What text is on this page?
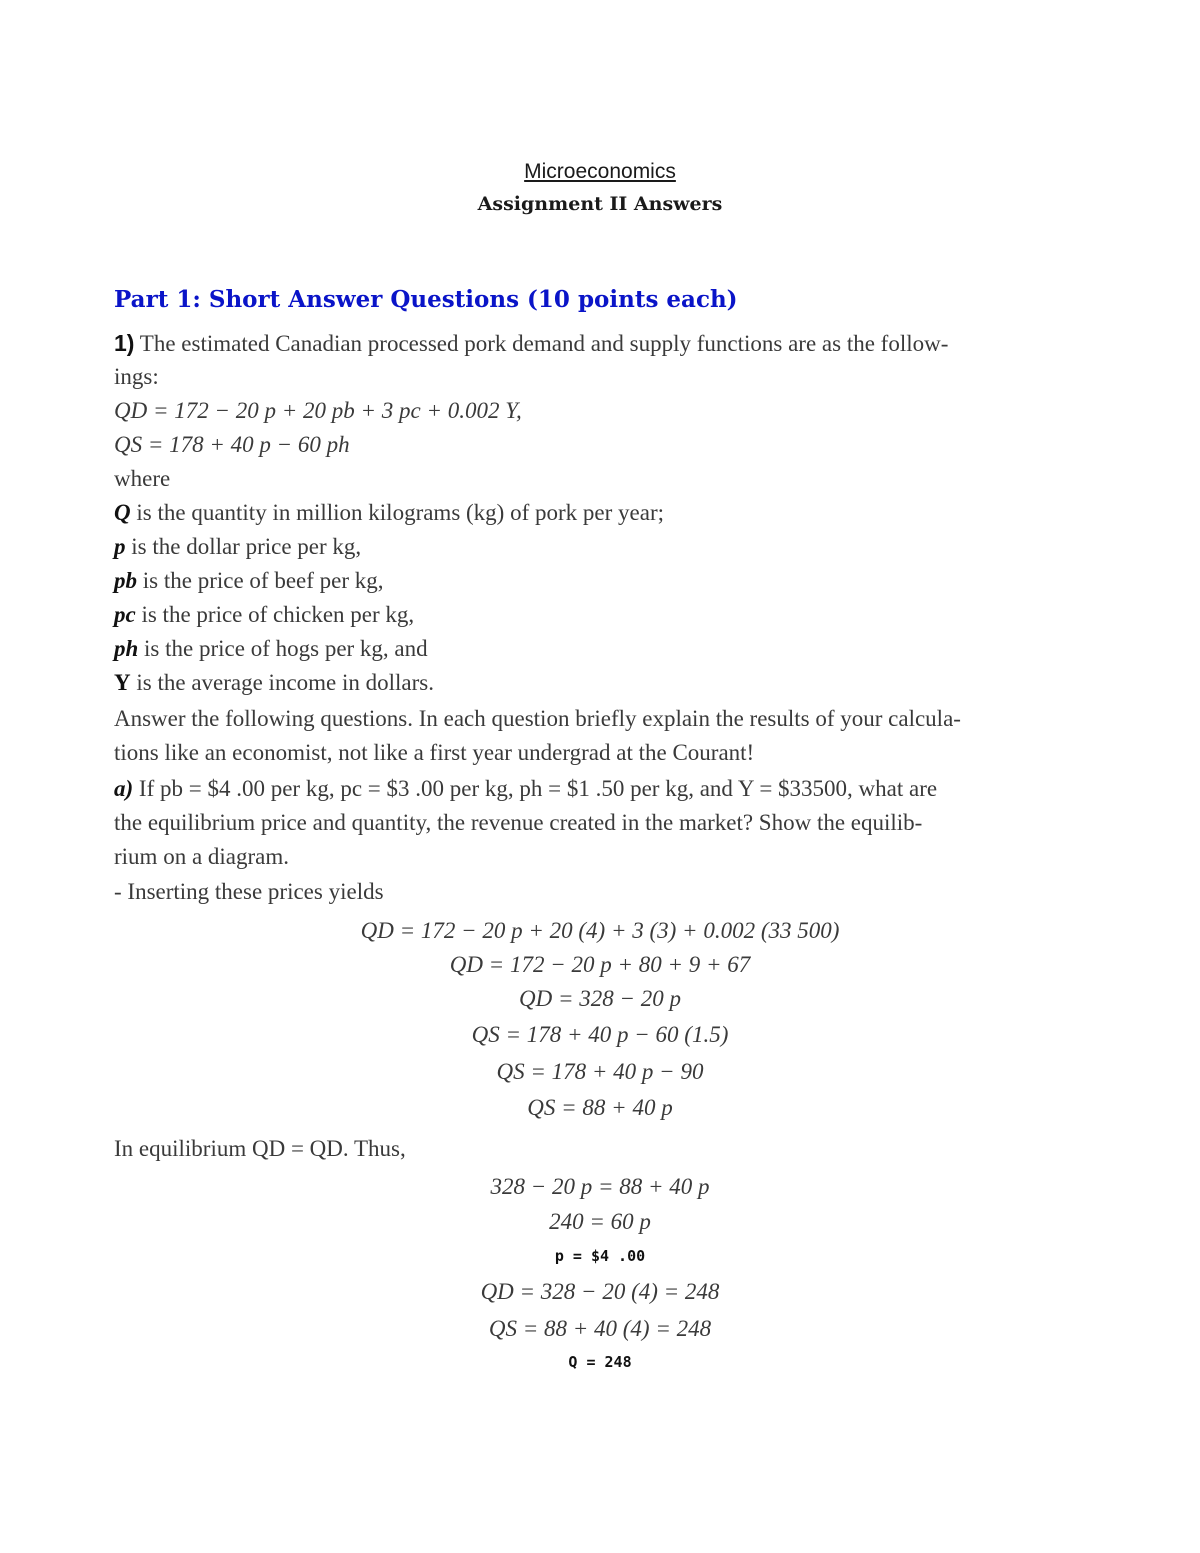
Microeconomics
Assignment II Answers
Part 1: Short Answer Questions (10 points each)
1) The estimated Canadian processed pork demand and supply functions are as the follow-
ings:
QD = 172 − 20 p + 20 pb + 3 pc + 0.002 Y,
QS = 178 + 40 p − 60 ph
where
Q is the quantity in million kilograms (kg) of pork per year;
p is the dollar price per kg,
pb is the price of beef per kg,
pc is the price of chicken per kg,
ph is the price of hogs per kg, and
Y is the average income in dollars.
Answer the following questions. In each question briefly explain the results of your calcula-
tions like an economist, not like a first year undergrad at the Courant!
a) If pb = $4 .00 per kg, pc = $3 .00 per kg, ph = $1 .50 per kg, and Y = $33500, what are
the equilibrium price and quantity, the revenue created in the market? Show the equilib-
rium on a diagram.
- Inserting these prices yields
QD = 172 − 20 p + 20 (4) + 3 (3) + 0.002 (33 500)
QD = 172 − 20 p + 80 + 9 + 67
QD = 328 − 20 p
QS = 178 + 40 p − 60 (1.5)
QS = 178 + 40 p − 90
QS = 88 + 40 p
In equilibrium QD = QD. Thus,
328 − 20 p = 88 + 40 p
240 = 60 p
p = $4 .00
QD = 328 − 20 (4) = 248
QS = 88 + 40 (4) = 248
Q = 248
